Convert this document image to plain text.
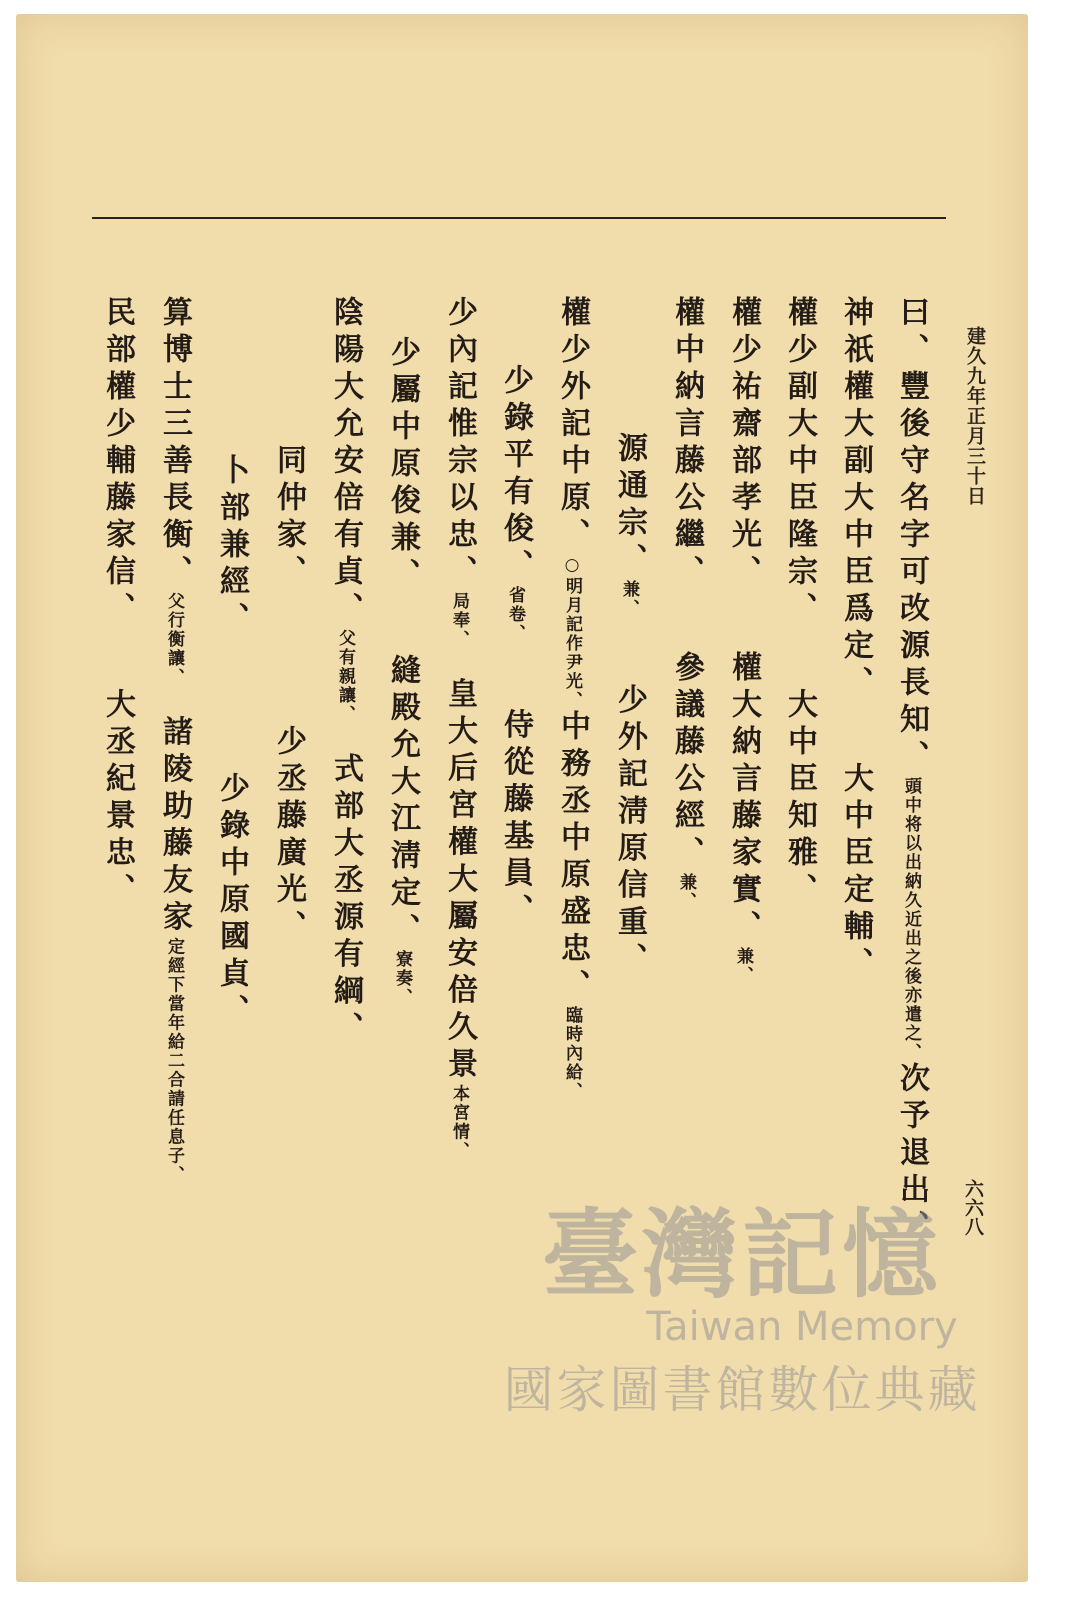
建久九年正月三十日
六六八
曰、豐後守名字可改源長知、頭中将以出納久近出之後亦遣之、次予退出、
神祇權大副大中臣爲定、　　大中臣定輔、
權少副大中臣隆宗、　　大中臣知雅、
權少祐齋部孝光、　　權大納言藤家實、兼、
權中納言藤公繼、　　參議藤公經、兼、
源通宗、兼、　　少外記淸原信重、
權少外記中原、○明月記作尹光、中務丞中原盛忠、臨時內給、
少錄平有俊、省卷、　　侍從藤基員、
少內記惟宗以忠、局奉、　皇大后宮權大屬安倍久景本宮情、
少屬中原俊兼、　　縫殿允大江淸定、寮奏、
陰陽大允安倍有貞、父有親讓、　式部大丞源有綱、
同仲家、　　　　少丞藤廣光、
卜部兼經、　　　　少錄中原國貞、
算博士三善長衡、父行衡讓、　諸陵助藤友家定經下當年給二合請任息子、
民部權少輔藤家信、　　大丞紀景忠、
臺灣記憶
Taiwan Memory
國家圖書館數位典藏
